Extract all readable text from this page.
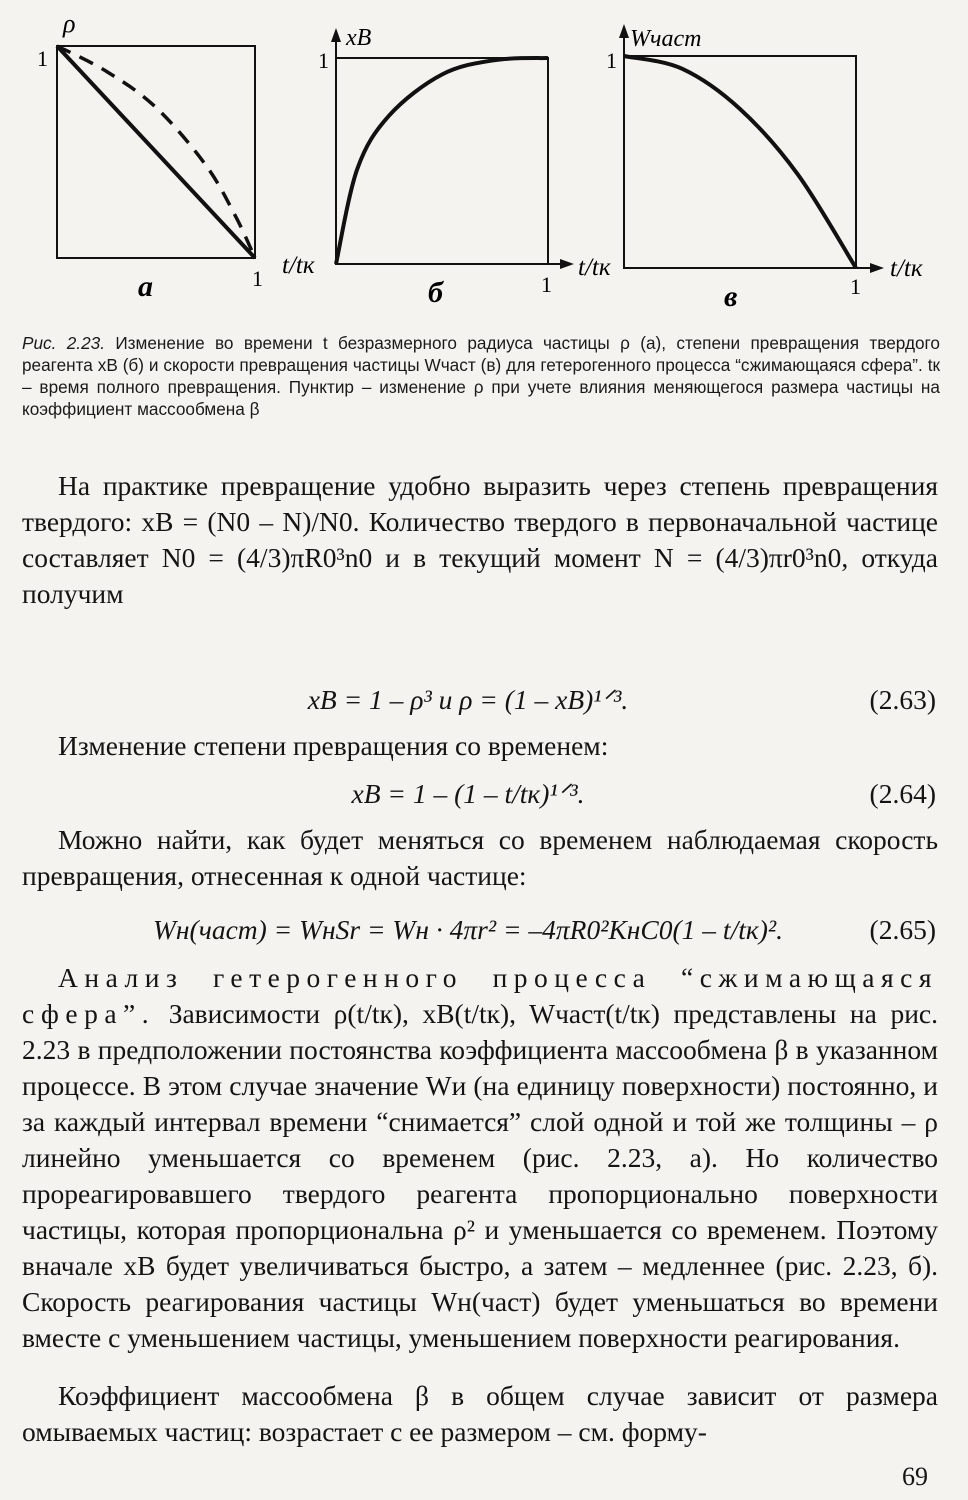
ρ
1
1 t/tк
а
xB
1
1
t/tк
б
Wчаст
1
1
t/tк
в
Рис. 2.23. Изменение во времени t безразмерного радиуса частицы ρ (а), степени превращения твердого реагента xB (б) и скорости превращения частицы Wчаст (в) для гетерогенного процесса “сжимающаяся сфера”. tк – время полного превращения. Пунктир – изменение ρ при учете влияния меняющегося размера частицы на коэффициент массообмена β

На практике превращение удобно выразить через степень превращения твердого: xB = (N0 – N)/N0. Количество твердого в первоначальной частице составляет N0 = (4/3)πR0³n0 и в текущий момент N = (4/3)πr0³n0, откуда получим

xB = 1 – ρ³ и ρ = (1 – xB)¹ᐟ³.	(2.63)

Изменение степени превращения со временем:

xB = 1 – (1 – t/tк)¹ᐟ³.	(2.64)

Можно найти, как будет меняться со временем наблюдаемая скорость превращения, отнесенная к одной частице:

Wн(част) = WнSr = Wн · 4πr² = –4πR0²KнC0(1 – t/tк)².	(2.65)

Анализ гетерогенного процесса “сжимающаяся сфера”. Зависимости ρ(t/tк), xB(t/tк), Wчаст(t/tк) представлены на рис. 2.23 в предположении постоянства коэффициента массообмена β в указанном процессе. В этом случае значение Wи (на единицу поверхности) постоянно, и за каждый интервал времени “снимается” слой одной и той же толщины – ρ линейно уменьшается со временем (рис. 2.23, а). Но количество прореагировавшего твердого реагента пропорционально поверхности частицы, которая пропорциональна ρ² и уменьшается со временем. Поэтому вначале xB будет увеличиваться быстро, а затем – медленнее (рис. 2.23, б). Скорость реагирования частицы Wн(част) будет уменьшаться во времени вместе с уменьшением частицы, уменьшением поверхности реагирования.

Коэффициент массообмена β в общем случае зависит от размера омываемых частиц: возрастает с ее размером – см. форму-

69
